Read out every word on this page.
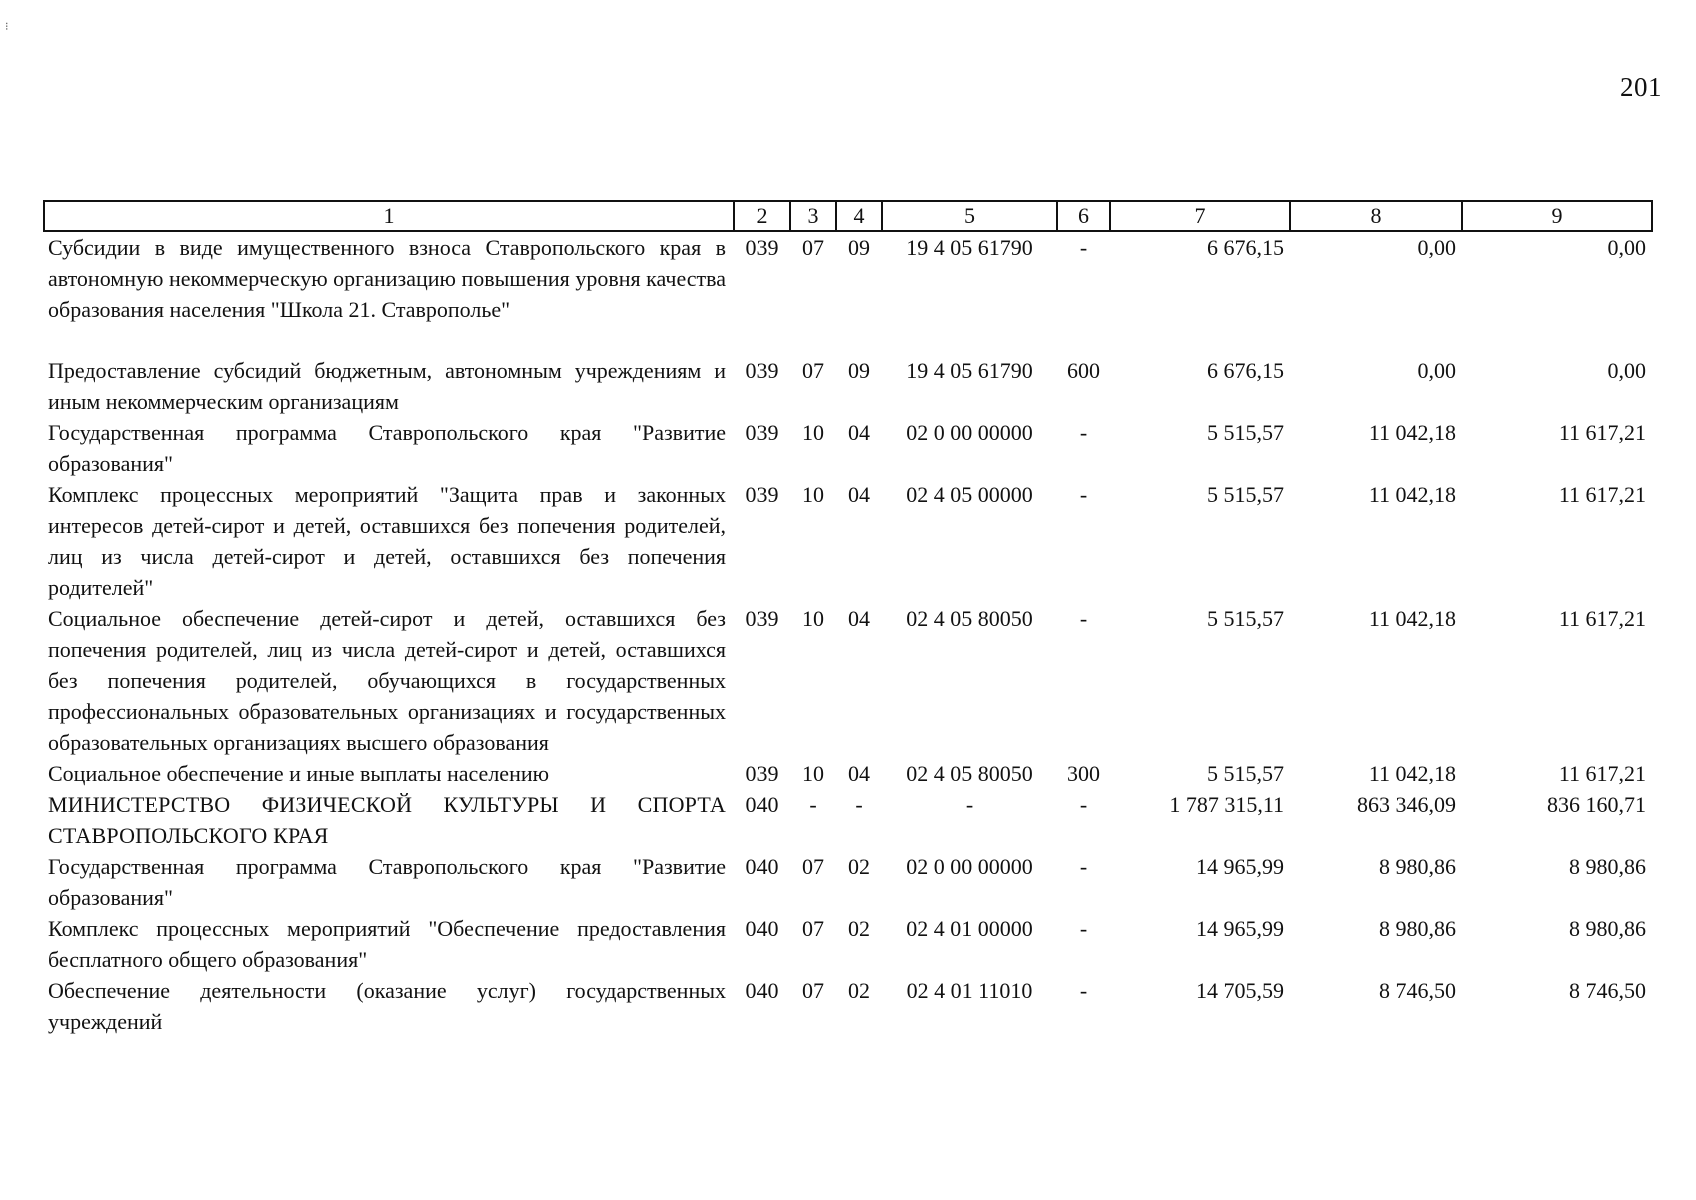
⁝
201
1	2	3	4	5	6	7	8	9
Субсидии в виде имущественного взноса Ставропольского края в автономную некоммерческую организацию повышения уровня качества образования населения "Школа 21. Ставрополье"	039	07	09	19 4 05 61790	-	6 676,15	0,00	0,00
Предоставление субсидий бюджетным, автономным учреждениям и иным некоммерческим организациям	039	07	09	19 4 05 61790	600	6 676,15	0,00	0,00
Государственная программа Ставропольского края "Развитие образования"	039	10	04	02 0 00 00000	-	5 515,57	11 042,18	11 617,21
Комплекс процессных мероприятий "Защита прав и законных интересов детей-сирот и детей, оставшихся без попечения родителей, лиц из числа детей-сирот и детей, оставшихся без попечения родителей"	039	10	04	02 4 05 00000	-	5 515,57	11 042,18	11 617,21
Социальное обеспечение детей-сирот и детей, оставшихся без попечения родителей, лиц из числа детей-сирот и детей, оставшихся без попечения родителей, обучающихся в государственных профессиональных образовательных организациях и государственных образовательных организациях высшего образования	039	10	04	02 4 05 80050	-	5 515,57	11 042,18	11 617,21
Социальное обеспечение и иные выплаты населению	039	10	04	02 4 05 80050	300	5 515,57	11 042,18	11 617,21
МИНИСТЕРСТВО ФИЗИЧЕСКОЙ КУЛЬТУРЫ И СПОРТА СТАВРОПОЛЬСКОГО КРАЯ	040	-	-	-	-	1 787 315,11	863 346,09	836 160,71
Государственная программа Ставропольского края "Развитие образования"	040	07	02	02 0 00 00000	-	14 965,99	8 980,86	8 980,86
Комплекс процессных мероприятий "Обеспечение предоставления бесплатного общего образования"	040	07	02	02 4 01 00000	-	14 965,99	8 980,86	8 980,86
Обеспечение деятельности (оказание услуг) государственных учреждений	040	07	02	02 4 01 11010	-	14 705,59	8 746,50	8 746,50
